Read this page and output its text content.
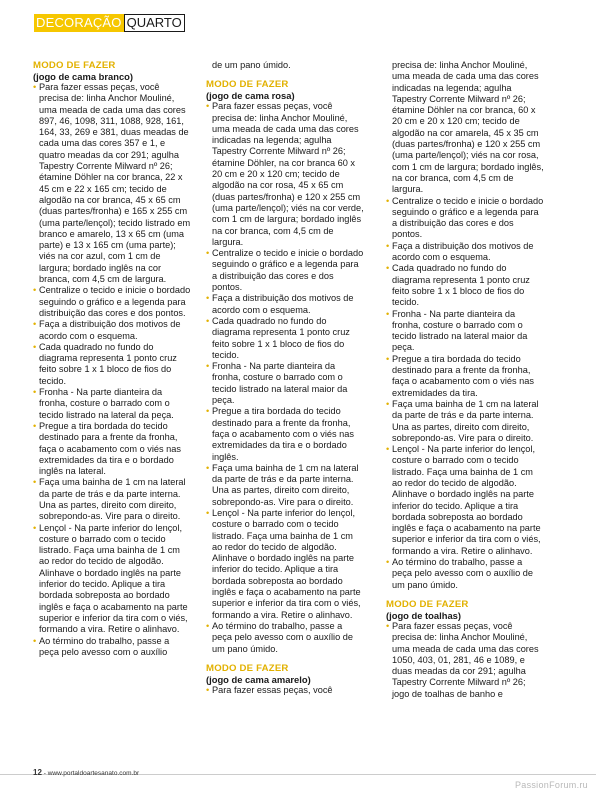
DECORAÇÃO QUARTO
MODO DE FAZER
(jogo de cama branco)
• Para fazer essas peças, você precisa de: linha Anchor Mouliné, uma meada de cada uma das cores 897, 46, 1098, 311, 1088, 928, 161, 164, 33, 269 e 381, duas meadas de cada uma das cores 357 e 1, e quatro meadas da cor 291; agulha Tapestry Corrente Milward nº 26; étamine Döhler na cor branca, 22 x 45 cm e 22 x 165 cm; tecido de algodão na cor branca, 45 x 65 cm (duas partes/fronha) e 165 x 255 cm (uma parte/lençol); tecido listrado em branco e amarelo, 13 x 65 cm (uma parte) e 13 x 165 cm (uma parte); viés na cor azul, com 1 cm de largura; bordado inglês na cor branca, com 4,5 cm de largura.
• Centralize o tecido e inicie o bordado seguindo o gráfico e a legenda para distribuição das cores e dos pontos.
• Faça a distribuição dos motivos de acordo com o esquema.
• Cada quadrado no fundo do diagrama representa 1 ponto cruz feito sobre 1 x 1 bloco de fios do tecido.
• Fronha - Na parte dianteira da fronha, costure o barrado com o tecido listrado na lateral da peça.
• Pregue a tira bordada do tecido destinado para a frente da fronha, faça o acabamento com o viés nas extremidades da tira e o bordado inglês na lateral.
• Faça uma bainha de 1 cm na lateral da parte de trás e da parte interna. Una as partes, direito com direito, sobrepondo-as. Vire para o direito.
• Lençol - Na parte inferior do lençol, costure o barrado com o tecido listrado. Faça uma bainha de 1 cm ao redor do tecido de algodão. Alinhave o bordado inglês na parte inferior do tecido. Aplique a tira bordada sobreposta ao bordado inglês e faça o acabamento na parte superior e inferior da tira com o viés, formando a vira. Retire o alinhavo.
• Ao término do trabalho, passe a peça pelo avesso com o auxílio

de um pano úmido.

MODO DE FAZER
(jogo de cama rosa)
• Para fazer essas peças, você precisa de: linha Anchor Mouliné, uma meada de cada uma das cores indicadas na legenda; agulha Tapestry Corrente Milward nº 26; étamine Döhler, na cor branca 60 x 20 cm e 20 x 120 cm; tecido de algodão na cor rosa, 45 x 65 cm (duas partes/fronha) e 120 x 255 cm (uma parte/lençol); viés na cor verde, com 1 cm de largura; bordado inglês na cor branca, com 4,5 cm de largura.
• Centralize o tecido e inicie o bordado seguindo o gráfico e a legenda para a distribuição das cores e dos pontos.
• Faça a distribuição dos motivos de acordo com o esquema.
• Cada quadrado no fundo do diagrama representa 1 ponto cruz feito sobre 1 x 1 bloco de fios do tecido.
• Fronha - Na parte dianteira da fronha, costure o barrado com o tecido listrado na lateral maior da peça.
• Pregue a tira bordada do tecido destinado para a frente da fronha, faça o acabamento com o viés nas extremidades da tira e o bordado inglês.
• Faça uma bainha de 1 cm na lateral da parte de trás e da parte interna. Una as partes, direito com direito, sobrepondo-as. Vire para o direito.
• Lençol - Na parte inferior do lençol, costure o barrado com o tecido listrado. Faça uma bainha de 1 cm ao redor do tecido de algodão. Alinhave o bordado inglês na parte inferior do tecido. Aplique a tira bordada sobreposta ao bordado inglês e faça o acabamento na parte superior e inferior da tira com o viés, formando a vira. Retire o alinhavo.
• Ao término do trabalho, passe a peça pelo avesso com o auxílio de um pano úmido.
MODO DE FAZER
(jogo de cama amarelo)
• Para fazer essas peças, você

precisa de: linha Anchor Mouliné, uma meada de cada uma das cores indicadas na legenda; agulha Tapestry Corrente Milward nº 26; étamine Döhler na cor branca, 60 x 20 cm e 20 x 120 cm; tecido de algodão na cor amarela, 45 x 35 cm (duas partes/fronha) e 120 x 255 cm (uma parte/lençol); viés na cor rosa, com 1 cm de largura; bordado inglês, na cor branca, com 4,5 cm de largura.

• Centralize o tecido e inicie o bordado seguindo o gráfico e a legenda para a distribuição das cores e dos pontos.
• Faça a distribuição dos motivos de acordo com o esquema.
• Cada quadrado no fundo do diagrama representa 1 ponto cruz feito sobre 1 x 1 bloco de fios do tecido.
• Fronha - Na parte dianteira da fronha, costure o barrado com o tecido listrado na lateral maior da peça.
• Pregue a tira bordada do tecido destinado para a frente da fronha, faça o acabamento com o viés nas extremidades da tira.
• Faça uma bainha de 1 cm na lateral da parte de trás e da parte interna. Una as partes, direito com direito, sobrepondo-as. Vire para o direito.
• Lençol - Na parte inferior do lençol, costure o barrado com o tecido listrado. Faça uma bainha de 1 cm ao redor do tecido de algodão. Alinhave o bordado inglês na parte inferior do tecido. Aplique a tira bordada sobreposta ao bordado inglês e faça o acabamento na parte superior e inferior da tira com o viés, formando a vira. Retire o alinhavo.
• Ao término do trabalho, passe a peça pelo avesso com o auxílio de um pano úmido.
MODO DE FAZER
(jogo de toalhas)
• Para fazer essas peças, você precisa de: linha Anchor Mouliné, uma meada de cada uma das cores 1050, 403, 01, 281, 46 e 1089, e duas meadas da cor 291; agulha Tapestry Corrente Milward nº 26; jogo de toalhas de banho e
12 - www.portaldoartesanato.com.br
PassionForum.ru
